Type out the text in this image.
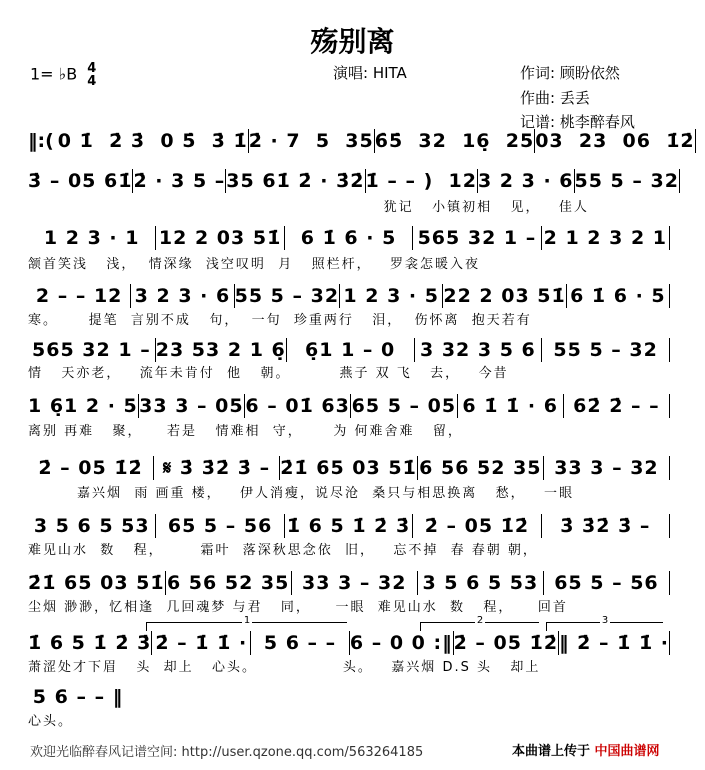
殇别离
1= ♭B 4
4	演唱: HITA	作词: 顾盼依然
作曲: 丢丢
记谱: 桃李醉春风
‖:( 0 1̇  2̇ 3̇  0 5̇  3̇ 1̇ 2̇ · 7  5  35 6̇5̇  32  16̣  25 03  23  06  1̇2̇
3̇ – 05 61̇ 2̇ · 3 5 – 35 61̇ 2̇ · 3̇2̇ 1̇ – – )  12 3 2 3 · 6 55 5 – 32
犹记   小镇初相   见，   佳人
1 2 3 · 1	12 2 03 51̇	6 1̇ 6 · 5	565 32 1 – 2 1 2 3 2 1
颔首笑浅   浅，  情深缘  浅空叹明  月   照栏杆，   罗衾怎暖入夜
2 – – 12 3 2 3 · 6 55 5 – 32 1 2 3 · 5 22 2 03 51̇ 6 1̇ 6 · 5
寒。     提笔  言别不成   句，  一句  珍重两行   泪，  伤怀离  抱天若有
565 32 1 – 23 53 2 1 6̣	6̣1 1 – 0	3 32 3 5 6 55 5 – 32
情   天亦老，   流年未肯付  他   朝。        燕子 双 飞   去，   今昔
1 6̣1 2 · 5 33 3 – 05 6 – 01̇ 63 65 5 – 05 6 1̇ 1̇ · 6 62̇ 2̇ – –
离别 再难   聚，    若是   情难相  守，     为 何难舍难   留，
2̇ – 05 1̇2̇	𝄋 3̇ 3̇2̇ 3̇ – 2̇1̇ 65 03 51̇ 6 56 52 35 33 3 – 32
嘉兴烟  雨 画重 楼，   伊人消瘦，说尽沧  桑只与相思换离   愁，   一眼
3 5 6 5 53 65 5 – 56 1̇ 6 5 1̇ 2̇ 3̇ 2̇ – 05 1̇2̇	3̇ 3̇2̇ 3̇ –
难见山水  数   程，      霜叶  落深秋思念依  旧，   忘不掉  春 春朝 朝，
2̇1̇ 65 03 51̇ 6 56 52 35 33 3 – 32 3 5 6 5 53 65 5 – 56
尘烟 渺渺，忆相逢  几回魂梦 与君   同，    一眼  难见山水  数   程，    回首
1̇ 6 5 1̇ 2̇ 3̇ 2̇ – 1̇ 1̇ · 5 6 – – 6 – 0 0 :‖ 2̇ – 05 1̇2̇ ‖ 2̇ – 1̇ 1̇ ·
萧涩处才下眉   头  却上   心头。              头。   嘉兴烟 D.S 头   却上
5 6 – – ‖
心头。
1	2	3
欢迎光临醉春风记谱空间: http://user.qzone.qq.com/563264185	本曲谱上传于 中国曲谱网
